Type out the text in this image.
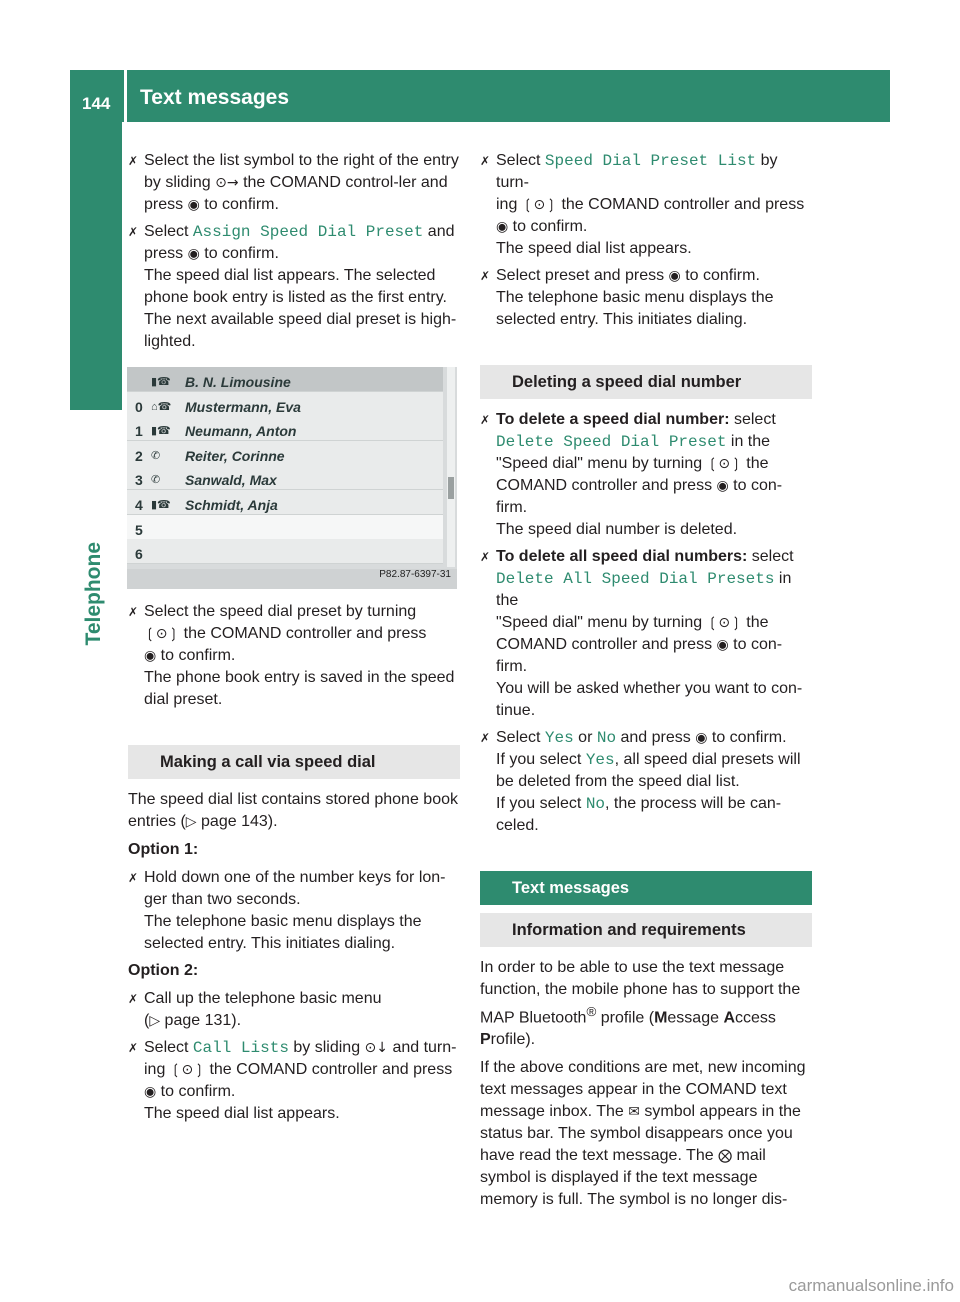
144 Text messages
Telephone
✗ Select the list symbol to the right of the entry by sliding ⊙→ the COMAND control-ler and press ◉ to confirm.
✗ Select Assign Speed Dial Preset and
press ◉ to confirm.
The speed dial list appears. The selected phone book entry is listed as the first entry. The next available speed dial preset is high-lighted.
▮☎ B. N. Limousine
0 ⌂☎ Mustermann, Eva
1 ▮☎ Neumann, Anton
2 ✆ Reiter, Corinne
3 ✆ Sanwald, Max
4 ▮☎ Schmidt, Anja
5
6
P82.87-6397-31
✗ Select the speed dial preset by turning
❲⊙❳ the COMAND controller and press
◉ to confirm.
The phone book entry is saved in the speed dial preset.
Making a call via speed dial
The speed dial list contains stored phone book entries (▷ page 143).
Option 1:
✗ Hold down one of the number keys for lon-ger than two seconds.
The telephone basic menu displays the selected entry. This initiates dialing.
Option 2:
✗ Call up the telephone basic menu
(▷ page 131).
✗ Select Call Lists by sliding ⊙↓ and turn-
ing ❲⊙❳ the COMAND controller and press
◉ to confirm.
The speed dial list appears.
✗ Select Speed Dial Preset List by turn-
ing ❲⊙❳ the COMAND controller and press
◉ to confirm.
The speed dial list appears.
✗ Select preset and press ◉ to confirm.
The telephone basic menu displays the selected entry. This initiates dialing.
Deleting a speed dial number
✗ To delete a speed dial number: select
Delete Speed Dial Preset in the
"Speed dial" menu by turning ❲⊙❳ the
COMAND controller and press ◉ to con-firm.
The speed dial number is deleted.
✗ To delete all speed dial numbers: select
Delete All Speed Dial Presets in the
"Speed dial" menu by turning ❲⊙❳ the
COMAND controller and press ◉ to con-firm.
You will be asked whether you want to con-tinue.
✗ Select Yes or No and press ◉ to confirm.
If you select Yes, all speed dial presets will be deleted from the speed dial list.
If you select No, the process will be can-celed.
Text messages
Information and requirements
In order to be able to use the text message function, the mobile phone has to support the MAP Bluetooth® profile (Message Access Profile).
If the above conditions are met, new incoming text messages appear in the COMAND text message inbox. The ✉ symbol appears in the status bar. The symbol disappears once you have read the text message. The ⨂ mail symbol is displayed if the text message memory is full. The symbol is no longer dis-
carmanualsonline.info
